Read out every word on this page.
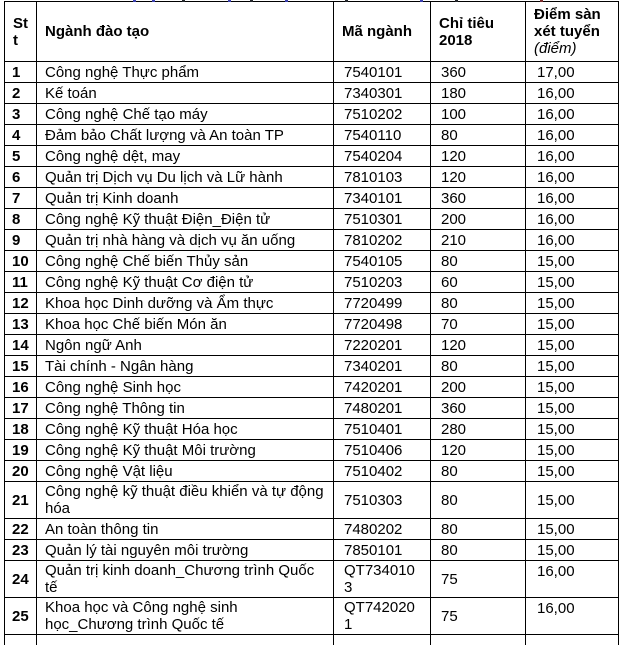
Stt	Ngành đào tạo	Mã ngành	Chỉ tiêu 2018	Điểm sàn xét tuyển
(điểm)

1	Công nghệ Thực phẩm	7540101	360	17,00
2	Kế toán	7340301	180	16,00
3	Công nghệ Chế tạo máy	7510202	100	16,00
4	Đảm bảo Chất lượng và An toàn TP	7540110	80	16,00
5	Công nghệ dệt, may	7540204	120	16,00
6	Quản trị Dịch vụ Du lịch và Lữ hành	7810103	120	16,00
7	Quản trị Kinh doanh	7340101	360	16,00
8	Công nghệ Kỹ thuật Điện_Điện tử	7510301	200	16,00
9	Quản trị nhà hàng và dịch vụ ăn uống	7810202	210	16,00
10	Công nghệ Chế biến Thủy sản	7540105	80	15,00
11	Công nghệ Kỹ thuật Cơ điện tử	7510203	60	15,00
12	Khoa học Dinh dưỡng và Ẩm thực	7720499	80	15,00
13	Khoa học Chế biến Món ăn	7720498	70	15,00
14	Ngôn ngữ Anh	7220201	120	15,00
15	Tài chính - Ngân hàng	7340201	80	15,00
16	Công nghệ Sinh học	7420201	200	15,00
17	Công nghệ Thông tin	7480201	360	15,00
18	Công nghệ Kỹ thuật Hóa học	7510401	280	15,00
19	Công nghệ Kỹ thuật Môi trường	7510406	120	15,00
20	Công nghệ Vật liệu	7510402	80	15,00
21	Công nghệ kỹ thuật điều khiển và tự động hóa	7510303	80	15,00
22	An toàn thông tin	7480202	80	15,00
23	Quản lý tài nguyên môi trường	7850101	80	15,00
24	Quản trị kinh doanh_Chương trình Quốc tế	QT7340103	75	16,00
25	Khoa học và Công nghệ sinh học_Chương trình Quốc tế	QT7420201	75	16,00
